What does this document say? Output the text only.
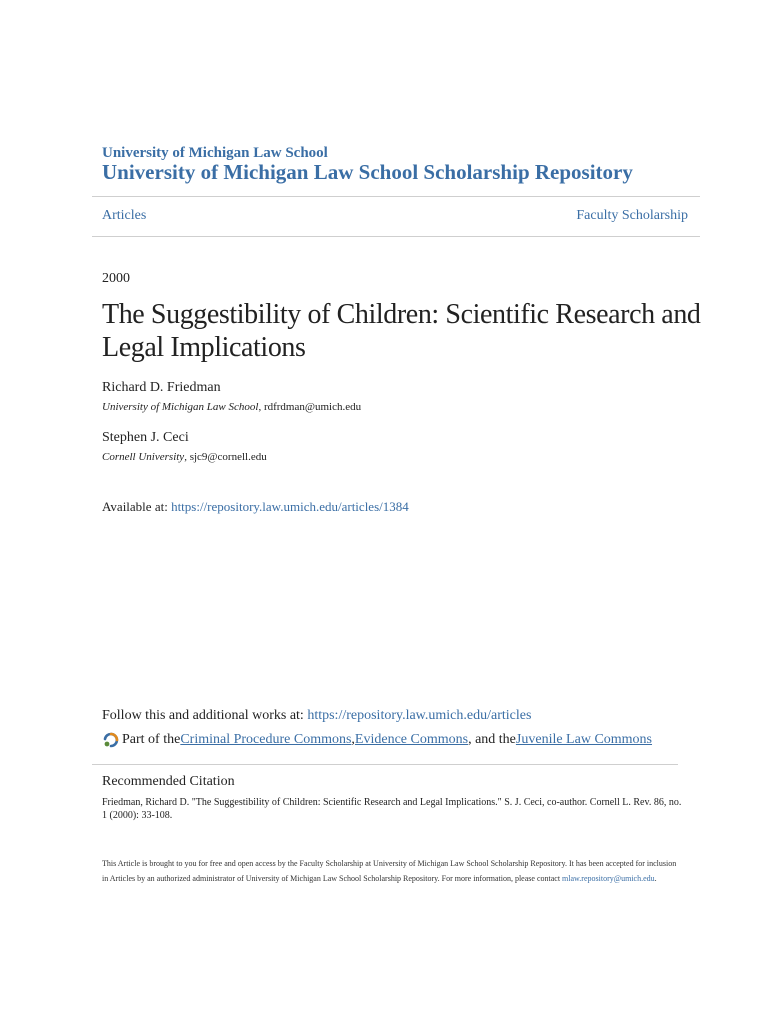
University of Michigan Law School
University of Michigan Law School Scholarship Repository
Articles	Faculty Scholarship
2000
The Suggestibility of Children: Scientific Research and Legal Implications
Richard D. Friedman
University of Michigan Law School, rdfrdman@umich.edu
Stephen J. Ceci
Cornell University, sjc9@cornell.edu
Available at: https://repository.law.umich.edu/articles/1384
Follow this and additional works at: https://repository.law.umich.edu/articles
Part of the Criminal Procedure Commons , Evidence Commons , and the Juvenile Law Commons
Recommended Citation
Friedman, Richard D. "The Suggestibility of Children: Scientific Research and Legal Implications." S. J. Ceci, co-author. Cornell L. Rev. 86, no. 1 (2000): 33-108.
This Article is brought to you for free and open access by the Faculty Scholarship at University of Michigan Law School Scholarship Repository. It has been accepted for inclusion in Articles by an authorized administrator of University of Michigan Law School Scholarship Repository. For more information, please contact mlaw.repository@umich.edu.
